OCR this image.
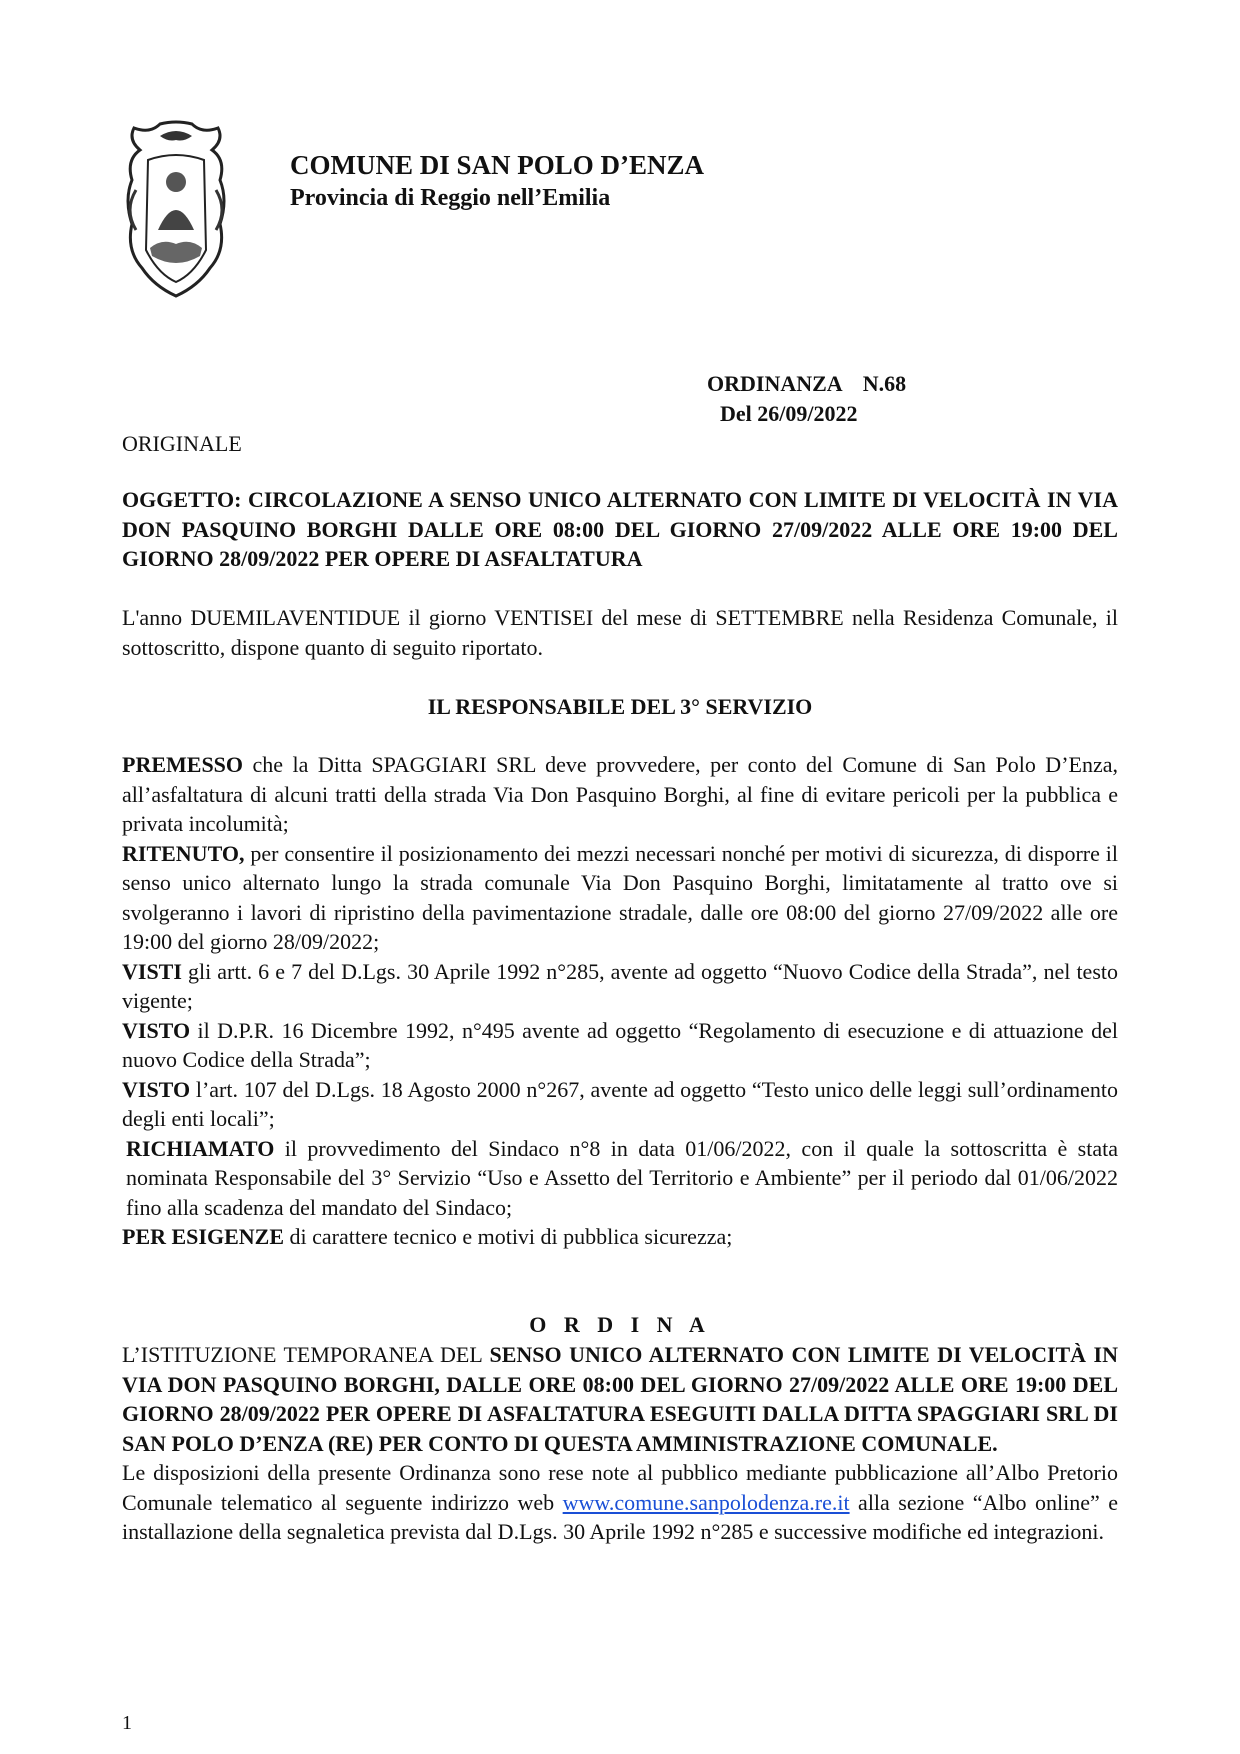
COMUNE DI SAN POLO D’ENZA
Provincia di Reggio nell’Emilia
ORDINANZA N.68
Del 26/09/2022
ORIGINALE
OGGETTO: CIRCOLAZIONE A SENSO UNICO ALTERNATO CON LIMITE DI VELOCITÀ IN VIA DON PASQUINO BORGHI DALLE ORE 08:00 DEL GIORNO 27/09/2022 ALLE ORE 19:00 DEL GIORNO 28/09/2022 PER OPERE DI ASFALTATURA
L'anno DUEMILAVENTIDUE il giorno VENTISEI del mese di SETTEMBRE nella Residenza Comunale, il sottoscritto, dispone quanto di seguito riportato.
IL RESPONSABILE DEL 3° SERVIZIO

PREMESSO che la Ditta SPAGGIARI SRL deve provvedere, per conto del Comune di San Polo D’Enza, all’asfaltatura di alcuni tratti della strada Via Don Pasquino Borghi, al fine di evitare pericoli per la pubblica e privata incolumità;

RITENUTO, per consentire il posizionamento dei mezzi necessari nonché per motivi di sicurezza, di disporre il senso unico alternato lungo la strada comunale Via Don Pasquino Borghi, limitatamente al tratto ove si svolgeranno i lavori di ripristino della pavimentazione stradale, dalle ore 08:00 del giorno 27/09/2022 alle ore 19:00 del giorno 28/09/2022;

VISTI gli artt. 6 e 7 del D.Lgs. 30 Aprile 1992 n°285, avente ad oggetto “Nuovo Codice della Strada”, nel testo vigente;

VISTO il D.P.R. 16 Dicembre 1992, n°495 avente ad oggetto “Regolamento di esecuzione e di attuazione del nuovo Codice della Strada”;

VISTO l’art. 107 del D.Lgs. 18 Agosto 2000 n°267, avente ad oggetto “Testo unico delle leggi sull’ordinamento degli enti locali”;

RICHIAMATO il provvedimento del Sindaco n°8 in data 01/06/2022, con il quale la sottoscritta è stata nominata Responsabile del 3° Servizio “Uso e Assetto del Territorio e Ambiente” per il periodo dal 01/06/2022 fino alla scadenza del mandato del Sindaco;

PER ESIGENZE di carattere tecnico e motivi di pubblica sicurezza;

O R D I N A

L’ISTITUZIONE TEMPORANEA DEL SENSO UNICO ALTERNATO CON LIMITE DI VELOCITÀ IN VIA DON PASQUINO BORGHI, DALLE ORE 08:00 DEL GIORNO 27/09/2022 ALLE ORE 19:00 DEL GIORNO 28/09/2022 PER OPERE DI ASFALTATURA ESEGUITI DALLA DITTA SPAGGIARI SRL DI SAN POLO D’ENZA (RE) PER CONTO DI QUESTA AMMINISTRAZIONE COMUNALE.

Le disposizioni della presente Ordinanza sono rese note al pubblico mediante pubblicazione all’Albo Pretorio Comunale telematico al seguente indirizzo web www.comune.sanpolodenza.re.it alla sezione “Albo online” e installazione della segnaletica prevista dal D.Lgs. 30 Aprile 1992 n°285 e successive modifiche ed integrazioni.

1
